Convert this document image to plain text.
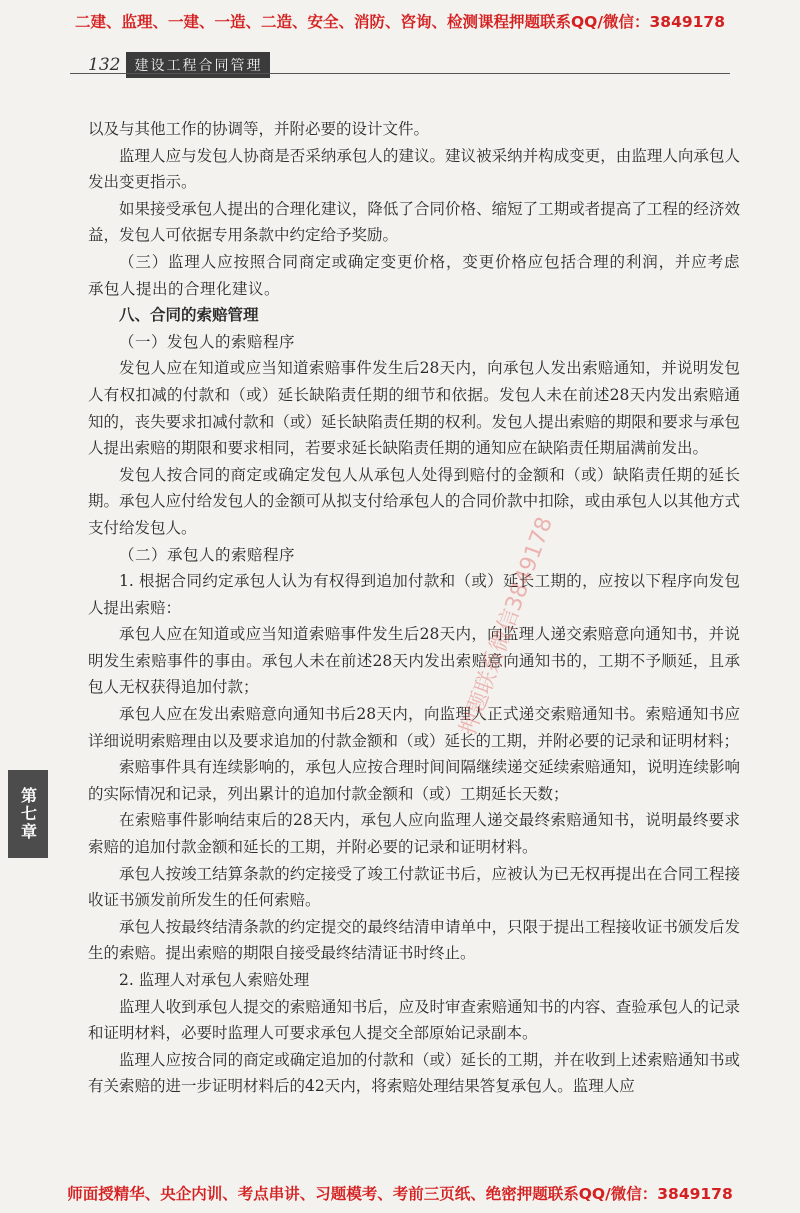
二建、监理、一建、一造、二造、安全、消防、咨询、检测课程押题联系QQ/微信：3849178
132	建设工程合同管理
第七章

以及与其他工作的协调等，并附必要的设计文件。

监理人应与发包人协商是否采纳承包人的建议。建议被采纳并构成变更，由监理人向承包人发出变更指示。

如果接受承包人提出的合理化建议，降低了合同价格、缩短了工期或者提高了工程的经济效益，发包人可依据专用条款中约定给予奖励。

（三）监理人应按照合同商定或确定变更价格，变更价格应包括合理的利润，并应考虑承包人提出的合理化建议。

八、合同的索赔管理

（一）发包人的索赔程序

发包人应在知道或应当知道索赔事件发生后28天内，向承包人发出索赔通知，并说明发包人有权扣减的付款和（或）延长缺陷责任期的细节和依据。发包人未在前述28天内发出索赔通知的，丧失要求扣减付款和（或）延长缺陷责任期的权利。发包人提出索赔的期限和要求与承包人提出索赔的期限和要求相同，若要求延长缺陷责任期的通知应在缺陷责任期届满前发出。

发包人按合同的商定或确定发包人从承包人处得到赔付的金额和（或）缺陷责任期的延长期。承包人应付给发包人的金额可从拟支付给承包人的合同价款中扣除，或由承包人以其他方式支付给发包人。

（二）承包人的索赔程序

1. 根据合同约定承包人认为有权得到追加付款和（或）延长工期的，应按以下程序向发包人提出索赔：

承包人应在知道或应当知道索赔事件发生后28天内，向监理人递交索赔意向通知书，并说明发生索赔事件的事由。承包人未在前述28天内发出索赔意向通知书的，工期不予顺延，且承包人无权获得追加付款；

承包人应在发出索赔意向通知书后28天内，向监理人正式递交索赔通知书。索赔通知书应详细说明索赔理由以及要求追加的付款金额和（或）延长的工期，并附必要的记录和证明材料；

索赔事件具有连续影响的，承包人应按合理时间间隔继续递交延续索赔通知，说明连续影响的实际情况和记录，列出累计的追加付款金额和（或）工期延长天数；

在索赔事件影响结束后的28天内，承包人应向监理人递交最终索赔通知书，说明最终要求索赔的追加付款金额和延长的工期，并附必要的记录和证明材料。

承包人按竣工结算条款的约定接受了竣工付款证书后，应被认为已无权再提出在合同工程接收证书颁发前所发生的任何索赔。

承包人按最终结清条款的约定提交的最终结清申请单中，只限于提出工程接收证书颁发后发生的索赔。提出索赔的期限自接受最终结清证书时终止。

2. 监理人对承包人索赔处理

监理人收到承包人提交的索赔通知书后，应及时审查索赔通知书的内容、查验承包人的记录和证明材料，必要时监理人可要求承包人提交全部原始记录副本。

监理人应按合同的商定或确定追加的付款和（或）延长的工期，并在收到上述索赔通知书或有关索赔的进一步证明材料后的42天内，将索赔处理结果答复承包人。监理人应

押题联系微信3849178
师面授精华、央企内训、考点串讲、习题模考、考前三页纸、绝密押题联系QQ/微信：3849178
